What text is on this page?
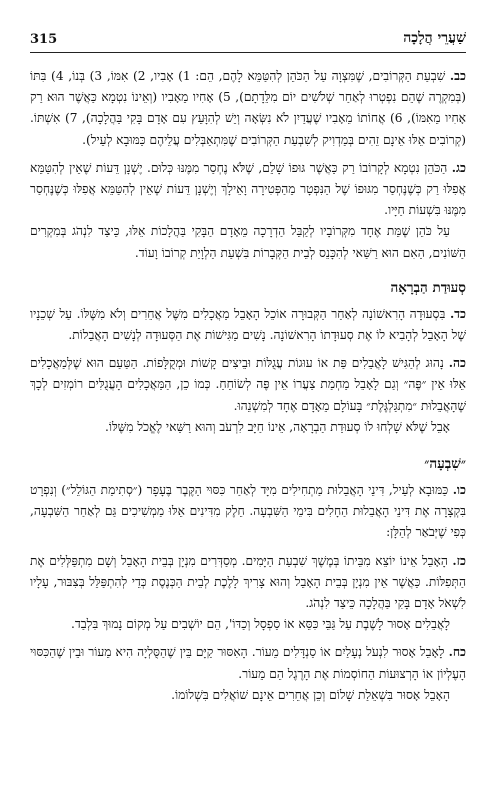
315	שַׁעֲרֵי הֲלָכָה

כב. שִׁבְעַת הַקְּרוֹבִים, שֶׁמִּצְוָה עַל הַכֹּהֵן לְהִטַּמֵּא לָהֶם, הֵם: 1) אָבִיו, 2) אִמּוֹ, 3) בְּנוֹ, 4) בִּתּוֹ (בְּמִקְרֶה שֶׁהֵם נִפְטְרוּ לְאַחַר שְׁלֹשִׁים יוֹם מִלֵּדָתָם), 5) אָחִיו מֵאָבִיו (וְאֵינוֹ נִטְמָא כַּאֲשֶׁר הוּא רַק אָחִיו מֵאִמּוֹ), 6) אֲחוֹתוֹ מֵאָבִיו שֶׁעֲדַיִן לֹא נִשְּׂאָה וְיֵשׁ לְהִוָּעֵץ עִם אָדָם בָּקִי בַּהֲלָכָה), 7) אִשְׁתּוֹ. (קְרוֹבִים אֵלּוּ אֵינָם זֵהִים בְּמַדְוִיק לְשִׁבְעַת הַקְּרוֹבִים שֶׁמִּתְאַבְּלִים עֲלֵיהֶם כַּמּוּבָא לְעֵיל).

כג. הַכֹּהֵן נִטְמָא לְקָרוֹבוֹ רַק כַּאֲשֶׁר גּוּפוֹ שָׁלֵם, שֶׁלֹּא נֶחְסַר מִמֶּנּוּ כְּלוּם. יֶשְׁנָן דֵּעוֹת שֶׁאֵין לְהִטַּמֵּא אֲפִלּוּ רַק כְּשֶׁנֶּחְסַר מִגּוּפוֹ שֶׁל הַנִּפְטָר מֵהַפְּטִירָה וָאֵילָךְ וְיֶשְׁנָן דֵּעוֹת שֶׁאֵין לְהִטַּמֵּא אֲפִלּוּ כְּשֶׁנֶּחְסַר מִמֶּנּוּ בִּשְׁעוֹת חַיָּיו.

עַל כֹּהֵן שֶׁמֵּת אֶחָד מִקְּרוֹבָיו לְקַבֵּל הַדְרָכָה מֵאָדָם הַבָּקִי בַּהֲלָכוֹת אֵלּוּ, כֵּיצַד לִנְהֹג בְּמִקְרִים הַשּׁוֹנִים, הַאִם הוּא רַשַּׁאי לְהִכָּנֵס לְבֵית הַקְּבָרוֹת בִּשְׁעַת הַלְוָיַת קְרוֹבוֹ וָעוֹד.

סְעוּדַת הַבְרָאָה

כד. בִּסְעוּדָה הָרִאשׁוֹנָה לְאַחַר הַקְּבוּרָה אוֹכֵל הָאָבֵל מַאֲכָלִים מִשֶּׁל אֲחֵרִים וְלֹא מִשֶּׁלּוֹ. עַל שְׁכֵנָיו שֶׁל הָאָבֵל לְהָבִיא לוֹ אֶת סְעוּדָתוֹ הָרִאשׁוֹנָה. נָשִׁים מַגִּישׁוֹת אֶת הַסְּעוּדָה לְנָשִׁים הָאֲבֵלוֹת.

כה. נָהוּג לְהַגִּישׁ לָאֲבֵלִים פַּת אוֹ עוּגוֹת עֲגֻלּוֹת וּבֵיצִים קָשׁוֹת וּמְקֻלָּפוֹת. הַטַּעַם הוּא שֶׁלְּמַאֲכָלִים אֵלּוּ אֵין ״פֶּה״ וְגַם לָאָבֵל מַחְמַת צַעֲרוֹ אֵין פֶּה לְשׂוֹחֵחַ. כְּמוֹ כֵן, הַמַּאֲכָלִים הָעֲגֻלִּים רוֹמְזִים לְכָךְ שֶׁהָאֲבֵלוּת ״מִתְגַּלְגֶּלֶת״ בָּעוֹלָם מֵאָדָם אֶחָד לְמִשְׁנֵהוּ.

אָבֵל שֶׁלֹּא שָׁלְחוּ לוֹ סְעוּדַת הַבְרָאָה, אֵינוֹ חַיָּב לִרְעֹב וְהוּא רַשַּׁאי לֶאֱכֹל מִשֶּׁלּוֹ.

״שִׁבְעָה״

כו. כַּמּוּבָא לְעֵיל, דִּינֵי הָאֲבֵלוּת מַתְחִילִים מִיָּד לְאַחַר כִּסּוּי הַקֶּבֶר בֶּעָפָר (״סְתִימַת הַגּוֹלֵל״) וְנִפְרָט בִּקְצָרָה אֶת דִּינֵי הָאֲבֵלוּת הַחָלִים בִּימֵי הַשִּׁבְעָה. חֵלֶק מִדִּינִים אֵלּוּ מַמְשִׁיכִים גַּם לְאַחַר הַשִּׁבְעָה, כְּפִי שֶׁיְּבֹאַר לְהַלָּן:

כז. הָאָבֵל אֵינוֹ יוֹצֵא מִבֵּיתוֹ בְּמֶשֶׁךְ שִׁבְעַת הַיָּמִים. מְסַדְּרִים מִנְיָן בְּבֵית הָאָבֵל וְשָׁם מִתְפַּלְּלִים אֶת הַתְּפִלּוֹת. כַּאֲשֶׁר אֵין מִנְיָן בְּבֵית הָאָבֵל וְהוּא צָרִיךְ לָלֶכֶת לְבֵית הַכְּנֶסֶת כְּדֵי לְהִתְפַּלֵּל בְּצִבּוּר, עָלָיו לִשְׁאֹל אָדָם בָּקִי בַּהֲלָכָה כֵּיצַד לִנְהֹג.

לָאֲבֵלִים אָסוּר לָשֶׁבֶת עַל גַּבֵּי כִּסֵּא אוֹ סַפְסָל וְכַדּוֹ', הֵם יוֹשְׁבִים עַל מְקוֹם נָמוּךְ בִּלְבַד.

כח. לָאָבֵל אָסוּר לִנְעֹל נְעָלַיִם אוֹ סַנְדָּלִים מֵעוֹר. הָאִסּוּר קַיָּם בֵּין שֶׁהַסֻּלְיָה הִיא מֵעוֹר וּבֵין שֶׁהַכִּסּוּי הָעֶלְיוֹן אוֹ הָרְצוּעוֹת הַחוֹסְמוֹת אֶת הָרֶגֶל הֵם מֵעוֹר.

הָאָבֵל אָסוּר בִּשְׁאֵלַת שָׁלוֹם וְכֵן אֲחֵרִים אֵינָם שׁוֹאֲלִים בִּשְׁלוֹמוֹ.
